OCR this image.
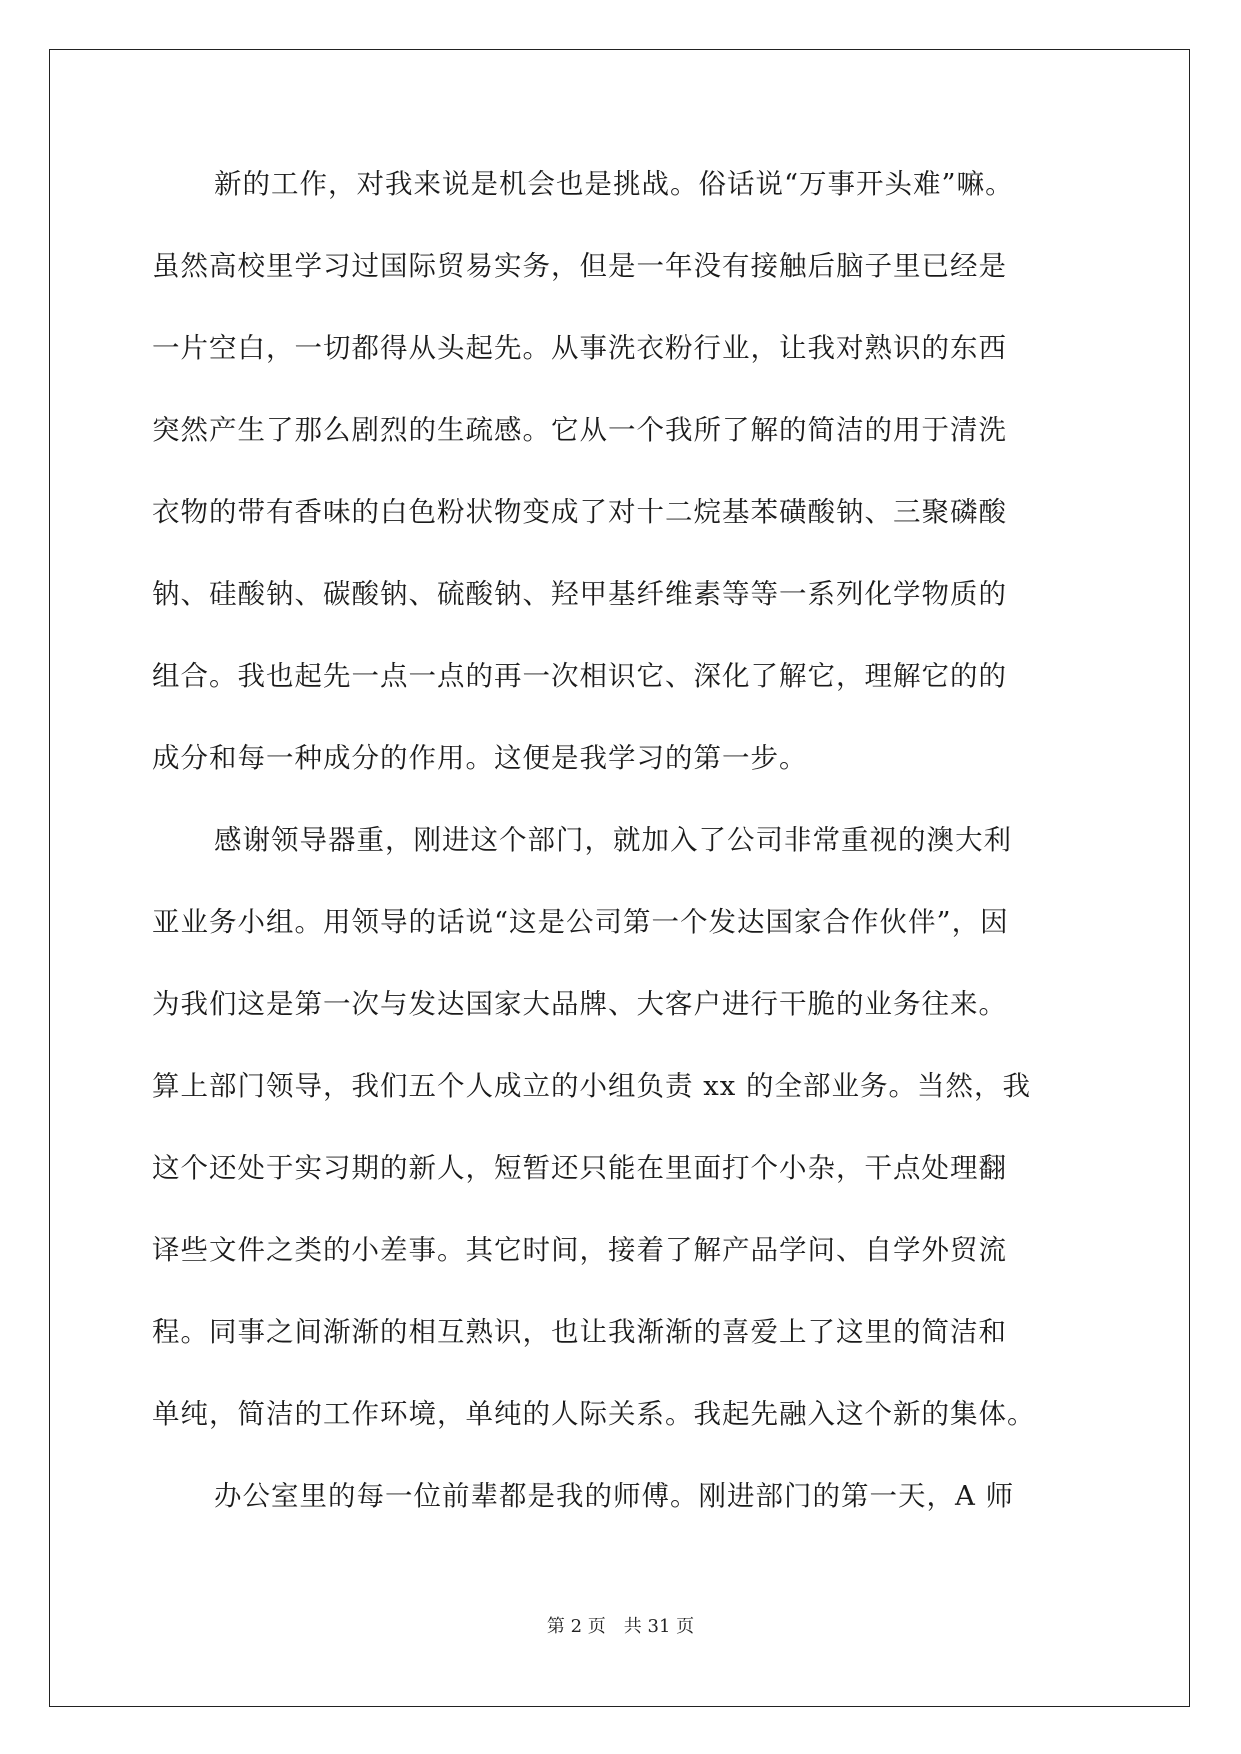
新的工作，对我来说是机会也是挑战。俗话说“万事开头难”嘛。
虽然高校里学习过国际贸易实务，但是一年没有接触后脑子里已经是
一片空白，一切都得从头起先。从事洗衣粉行业，让我对熟识的东西
突然产生了那么剧烈的生疏感。它从一个我所了解的简洁的用于清洗
衣物的带有香味的白色粉状物变成了对十二烷基苯磺酸钠、三聚磷酸
钠、硅酸钠、碳酸钠、硫酸钠、羟甲基纤维素等等一系列化学物质的
组合。我也起先一点一点的再一次相识它、深化了解它，理解它的的
成分和每一种成分的作用。这便是我学习的第一步。
感谢领导器重，刚进这个部门，就加入了公司非常重视的澳大利
亚业务小组。用领导的话说“这是公司第一个发达国家合作伙伴”，因
为我们这是第一次与发达国家大品牌、大客户进行干脆的业务往来。
算上部门领导，我们五个人成立的小组负责 xx 的全部业务。当然，我
这个还处于实习期的新人，短暂还只能在里面打个小杂，干点处理翻
译些文件之类的小差事。其它时间，接着了解产品学问、自学外贸流
程。同事之间渐渐的相互熟识，也让我渐渐的喜爱上了这里的简洁和
单纯，简洁的工作环境，单纯的人际关系。我起先融入这个新的集体。
办公室里的每一位前辈都是我的师傅。刚进部门的第一天，A 师
第 2 页 共 31 页
